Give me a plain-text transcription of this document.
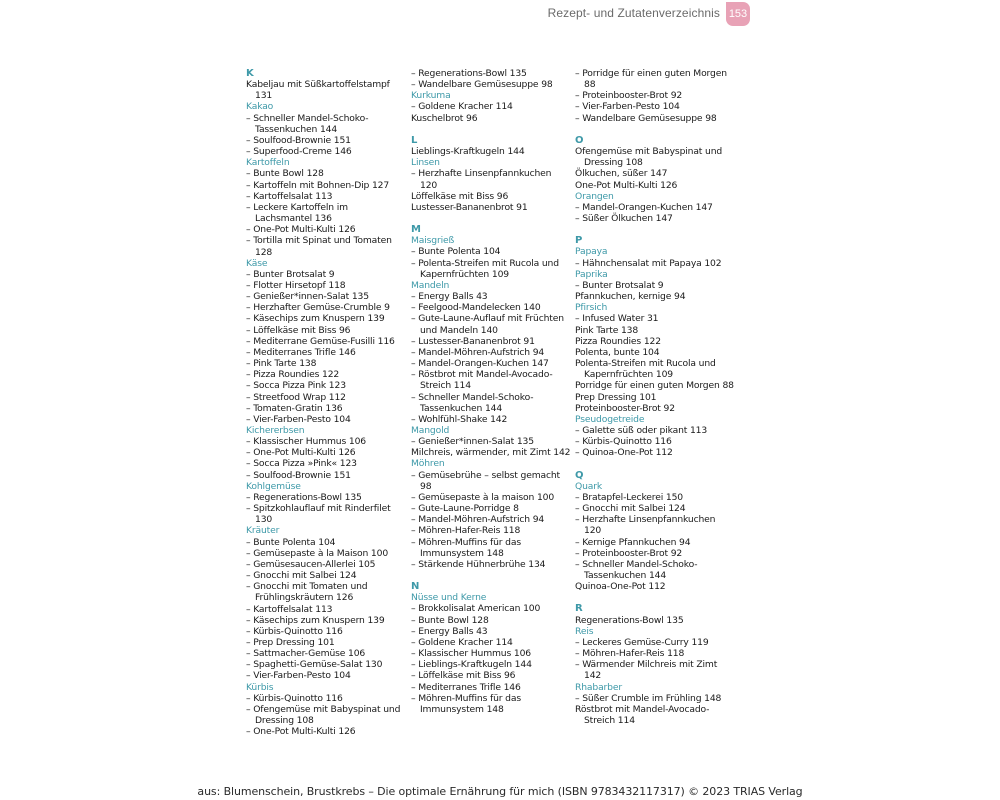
Rezept- und Zutatenverzeichnis 153
K
Kabeljau mit Süßkartoffelstampf 131
Kakao
– Schneller Mandel-Schoko-Tassenkuchen 144
– Soulfood-Brownie 151
– Superfood-Creme 146
Kartoffeln
– Bunte Bowl 128
– Kartoffeln mit Bohnen-Dip 127
– Kartoffelsalat 113
– Leckere Kartoffeln im Lachsmantel 136
– One-Pot Multi-Kulti 126
– Tortilla mit Spinat und Tomaten 128
Käse
– Bunter Brotsalat 9
– Flotter Hirsetopf 118
– Genießer*innen-Salat 135
– Herzhafter Gemüse-Crumble 9
– Käsechips zum Knuspern 139
– Löffelkäse mit Biss 96
– Mediterrane Gemüse-Fusilli 116
– Mediterranes Trifle 146
– Pink Tarte 138
– Pizza Roundies 122
– Socca Pizza Pink 123
– Streetfood Wrap 112
– Tomaten-Gratin 136
– Vier-Farben-Pesto 104
Kichererbsen
– Klassischer Hummus 106
– One-Pot Multi-Kulti 126
– Socca Pizza »Pink« 123
– Soulfood-Brownie 151
Kohlgemüse
– Regenerations-Bowl 135
– Spitzkohlauflauf mit Rinderfilet 130
Kräuter
– Bunte Polenta 104
– Gemüsepaste à la Maison 100
– Gemüsesaucen-Allerlei 105
– Gnocchi mit Salbei 124
– Gnocchi mit Tomaten und Frühlingskräutern 126
– Kartoffelsalat 113
– Käsechips zum Knuspern 139
– Kürbis-Quinotto 116
– Prep Dressing 101
– Sattmacher-Gemüse 106
– Spaghetti-Gemüse-Salat 130
– Vier-Farben-Pesto 104
Kürbis
– Kürbis-Quinotto 116
– Ofengemüse mit Babyspinat und Dressing 108
– One-Pot Multi-Kulti 126
– Regenerations-Bowl 135
– Wandelbare Gemüsesuppe 98
Kurkuma
– Goldene Kracher 114
Kuschelbrot 96
L
Lieblings-Kraftkugeln 144
Linsen
– Herzhafte Linsenpfannkuchen 120
Löffelkäse mit Biss 96
Lustesser-Bananenbrot 91
M
Maisgrieß
– Bunte Polenta 104
– Polenta-Streifen mit Rucola und Kapernfrüchten 109
Mandeln
– Energy Balls 43
– Feelgood-Mandelecken 140
– Gute-Laune-Auflauf mit Früchten und Mandeln 140
– Lustesser-Bananenbrot 91
– Mandel-Möhren-Aufstrich 94
– Mandel-Orangen-Kuchen 147
– Röstbrot mit Mandel-Avocado-Streich 114
– Schneller Mandel-Schoko-Tassenkuchen 144
– Wohlfühl-Shake 142
Mangold
– Genießer*innen-Salat 135
Milchreis, wärmender, mit Zimt 142
Möhren
– Gemüsebrühe – selbst gemacht 98
– Gemüsepaste à la maison 100
– Gute-Laune-Porridge 8
– Mandel-Möhren-Aufstrich 94
– Möhren-Hafer-Reis 118
– Möhren-Muffins für das Immunsystem 148
– Stärkende Hühnerbrühe 134
N
Nüsse und Kerne
– Brokkolisalat American 100
– Bunte Bowl 128
– Energy Balls 43
– Goldene Kracher 114
– Klassischer Hummus 106
– Lieblings-Kraftkugeln 144
– Löffelkäse mit Biss 96
– Mediterranes Trifle 146
– Möhren-Muffins für das Immunsystem 148
– Porridge für einen guten Morgen 88
– Proteinbooster-Brot 92
– Vier-Farben-Pesto 104
– Wandelbare Gemüsesuppe 98
O
Ofengemüse mit Babyspinat und Dressing 108
Ölkuchen, süßer 147
One-Pot Multi-Kulti 126
Orangen
– Mandel-Orangen-Kuchen 147
– Süßer Ölkuchen 147
P
Papaya
– Hähnchensalat mit Papaya 102
Paprika
– Bunter Brotsalat 9
Pfannkuchen, kernige 94
Pfirsich
– Infused Water 31
Pink Tarte 138
Pizza Roundies 122
Polenta, bunte 104
Polenta-Streifen mit Rucola und Kapernfrüchten 109
Porridge für einen guten Morgen 88
Prep Dressing 101
Proteinbooster-Brot 92
Pseudogetreide
– Galette süß oder pikant 113
– Kürbis-Quinotto 116
– Quinoa-One-Pot 112
Q
Quark
– Bratapfel-Leckerei 150
– Gnocchi mit Salbei 124
– Herzhafte Linsenpfannkuchen 120
– Kernige Pfannkuchen 94
– Proteinbooster-Brot 92
– Schneller Mandel-Schoko-Tassenkuchen 144
Quinoa-One-Pot 112
R
Regenerations-Bowl 135
Reis
– Leckeres Gemüse-Curry 119
– Möhren-Hafer-Reis 118
– Wärmender Milchreis mit Zimt 142
Rhabarber
– Süßer Crumble im Frühling 148
Röstbrot mit Mandel-Avocado-Streich 114
aus: Blumenschein, Brustkrebs – Die optimale Ernährung für mich (ISBN 9783432117317) © 2023 TRIAS Verlag
